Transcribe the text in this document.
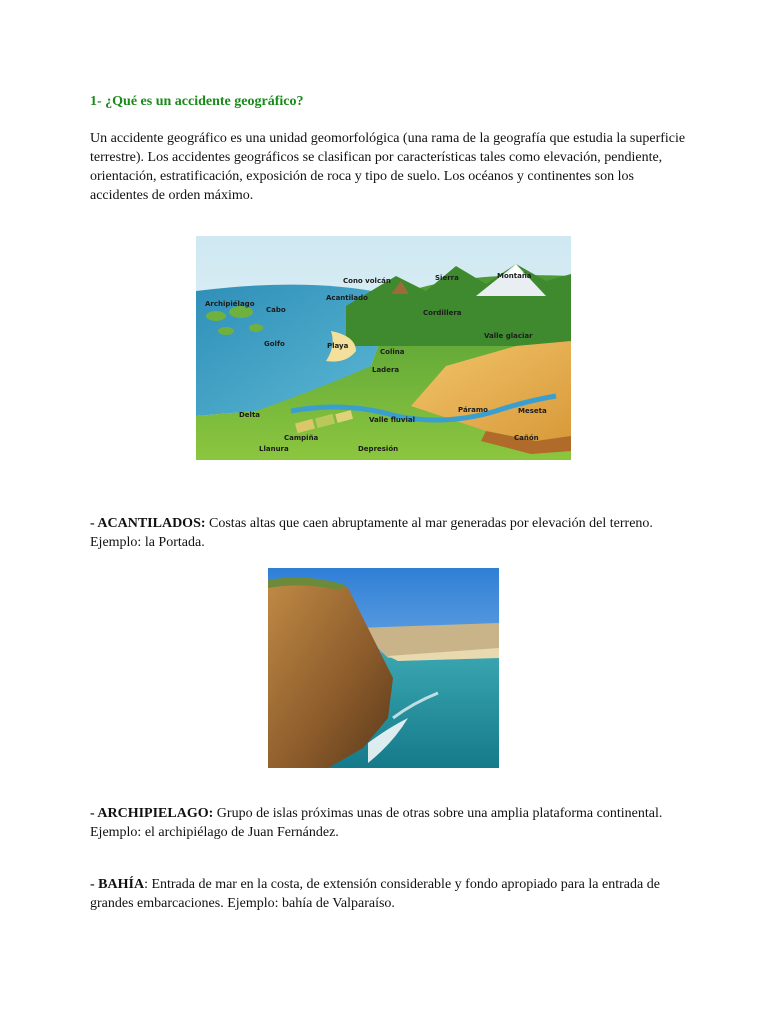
1- ¿Qué es un accidente geográfico?

Un accidente geográfico es una unidad geomorfológica (una rama de la geografía que estudia la superficie terrestre). Los accidentes geográficos se clasifican por características tales como elevación, pendiente, orientación, estratificación, exposición de roca y tipo de suelo. Los océanos y continentes son los accidentes de orden máximo.

Cono volcán	Sierra	Montaña
Archipiélago
Cabo
Acantilado
Cordillera
Valle glaciar
Golfo	Playa
Colina
Ladera
Delta
Valle fluvial
Páramo	Meseta
Campiña
Llanura	Depresión
Cañón

- ACANTILADOS: Costas altas que caen abruptamente al mar generadas por elevación del terreno. Ejemplo: la Portada.

- ARCHIPIELAGO: Grupo de islas próximas unas de otras sobre una amplia plataforma continental. Ejemplo: el archipiélago de Juan Fernández.

- BAHÍA: Entrada de mar en la costa, de extensión considerable y fondo apropiado para la entrada de grandes embarcaciones. Ejemplo: bahía de Valparaíso.
